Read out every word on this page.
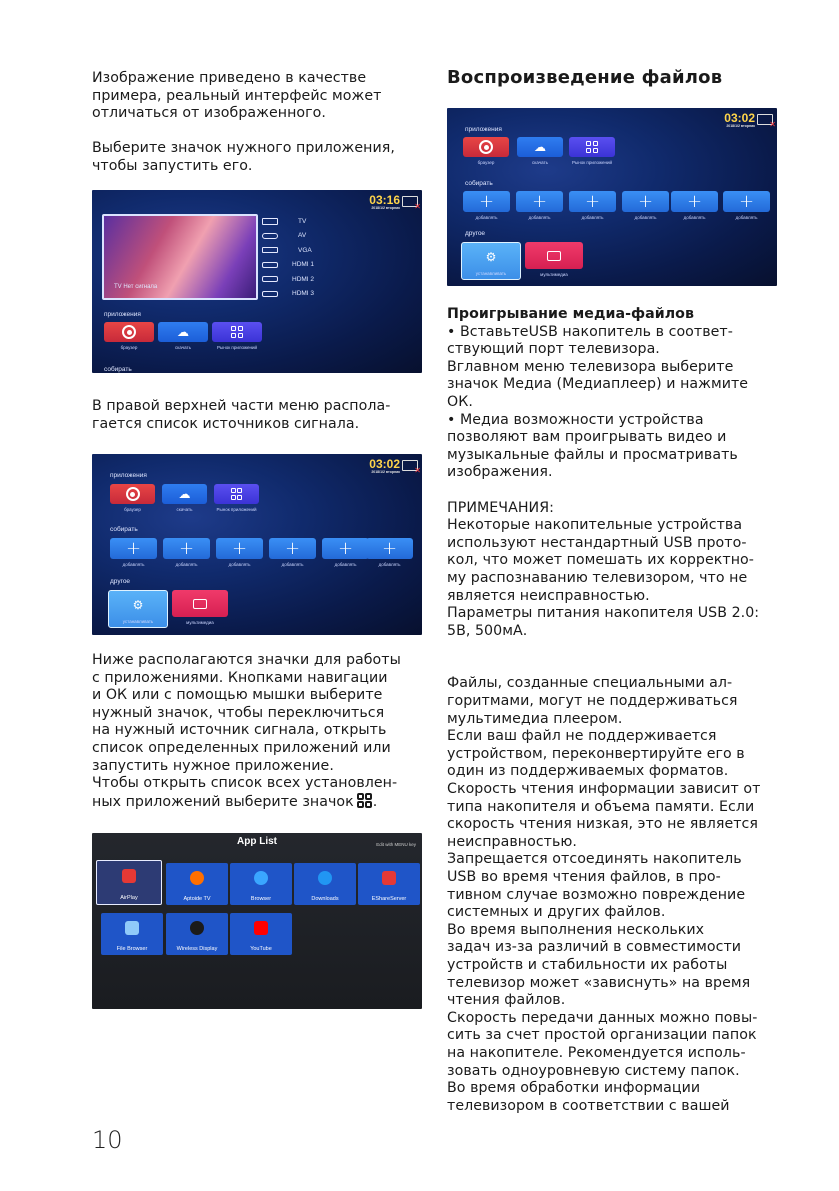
Изображение приведено в качестве

примера, реальный интерфейс может

отличаться от изображенного.

Выберите значок нужного приложения,

чтобы запустить его.

03:16
2018/1/2 вторник ✕
TV Нет сигнала
TV
AV
VGA
HDMI 1
HDMI 2
HDMI 3
приложения
браузер
☁
скачать	Рынок приложений
собирать

В правой верхней части меню распола-

гается список источников сигнала.

03:02
2018/1/2 вторник ✕
приложения
браузер
☁
скачать	Рынок приложений
собирать
+
добавлять
+
добавлять
+
добавлять
+
добавлять
+
добавлять
+
добавлять
другое
⚙
устанавливать	мультимедиа

Ниже располагаются значки для работы

с приложениями. Кнопками навигации

и ОК или с помощью мышки выберите

нужный значок, чтобы переключиться

на нужный источник сигнала, открыть

список определенных приложений или

запустить нужное приложение.

Чтобы открыть список всех установлен-

ных приложений выберите значок .

App List	Edit with MENU key
AirPlay	Aptoide TV	Browser	Downloads	EShareServer
File Browser	Wireless Display	YouTube
Воспроизведение файлов
03:02
2018/1/2 вторник ✕
приложения
браузер
☁
скачать	Рынок приложений
собирать
+
добавлять
+
добавлять
+
добавлять
+
добавлять
+
добавлять
+
добавлять
другое
⚙
устанавливать	мультимедиа

Проигрывание медиа-файлов

• ВставьтеUSB накопитель в соответ-

ствующий порт телевизора.

Вглавном меню телевизора выберите

значок Медиа (Медиаплеер) и нажмите

ОК.

• Медиа возможности устройства

позволяют вам проигрывать видео и

музыкальные файлы и просматривать

изображения.

ПРИМЕЧАНИЯ:

Некоторые накопительные устройства

используют нестандартный USB прото-

кол, что может помешать их корректно-

му распознаванию телевизором, что не

является неисправностью.

Параметры питания накопителя USB 2.0:

5В, 500мА.

Файлы, созданные специальными ал-

горитмами, могут не поддерживаться

мультимедиа плеером.

Если ваш файл не поддерживается

устройством, переконвертируйте его в

один из поддерживаемых форматов.

Скорость чтения информации зависит от

типа накопителя и объема памяти. Если

скорость чтения низкая, это не является

неисправностью.

Запрещается отсоединять накопитель

USB во время чтения файлов, в про-

тивном случае возможно повреждение

системных и других файлов.

Во время выполнения нескольких

задач из-за различий в совместимости

устройств и стабильности их работы

телевизор может «зависнуть» на время

чтения файлов.

Скорость передачи данных можно повы-

сить за счет простой организации папок

на накопителе. Рекомендуется исполь-

зовать одноуровневую систему папок.

Во время обработки информации

телевизором в соответствии с вашей

10
